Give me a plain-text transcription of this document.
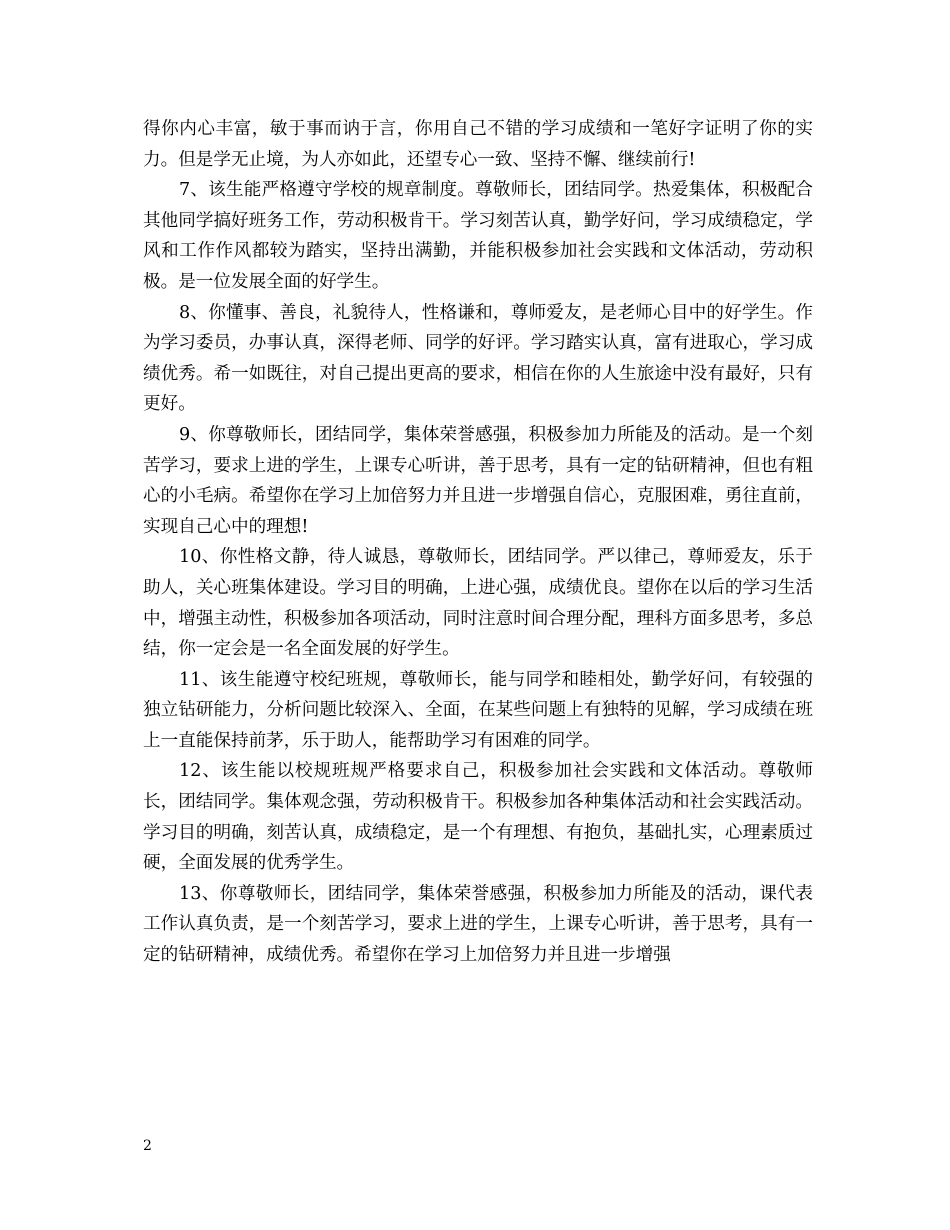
得你内心丰富，敏于事而讷于言，你用自己不错的学习成绩和一笔好字证明了你的实力。但是学无止境，为人亦如此，还望专心一致、坚持不懈、继续前行!

7、该生能严格遵守学校的规章制度。尊敬师长，团结同学。热爱集体，积极配合其他同学搞好班务工作，劳动积极肯干。学习刻苦认真，勤学好问，学习成绩稳定，学风和工作作风都较为踏实，坚持出满勤，并能积极参加社会实践和文体活动，劳动积极。是一位发展全面的好学生。

8、你懂事、善良，礼貌待人，性格谦和，尊师爱友，是老师心目中的好学生。作为学习委员，办事认真，深得老师、同学的好评。学习踏实认真，富有进取心，学习成绩优秀。希一如既往，对自己提出更高的要求，相信在你的人生旅途中没有最好，只有更好。

9、你尊敬师长，团结同学，集体荣誉感强，积极参加力所能及的活动。是一个刻苦学习，要求上进的学生，上课专心听讲，善于思考，具有一定的钻研精神，但也有粗心的小毛病。希望你在学习上加倍努力并且进一步增强自信心，克服困难，勇往直前，实现自己心中的理想!

10、你性格文静，待人诚恳，尊敬师长，团结同学。严以律己，尊师爱友，乐于助人，关心班集体建设。学习目的明确，上进心强，成绩优良。望你在以后的学习生活中，增强主动性，积极参加各项活动，同时注意时间合理分配，理科方面多思考，多总结，你一定会是一名全面发展的好学生。

11、该生能遵守校纪班规，尊敬师长，能与同学和睦相处，勤学好问，有较强的独立钻研能力，分析问题比较深入、全面，在某些问题上有独特的见解，学习成绩在班上一直能保持前茅，乐于助人，能帮助学习有困难的同学。

12、该生能以校规班规严格要求自己，积极参加社会实践和文体活动。尊敬师长，团结同学。集体观念强，劳动积极肯干。积极参加各种集体活动和社会实践活动。学习目的明确，刻苦认真，成绩稳定，是一个有理想、有抱负，基础扎实，心理素质过硬，全面发展的优秀学生。

13、你尊敬师长，团结同学，集体荣誉感强，积极参加力所能及的活动，课代表工作认真负责，是一个刻苦学习，要求上进的学生，上课专心听讲，善于思考，具有一定的钻研精神，成绩优秀。希望你在学习上加倍努力并且进一步增强

2
